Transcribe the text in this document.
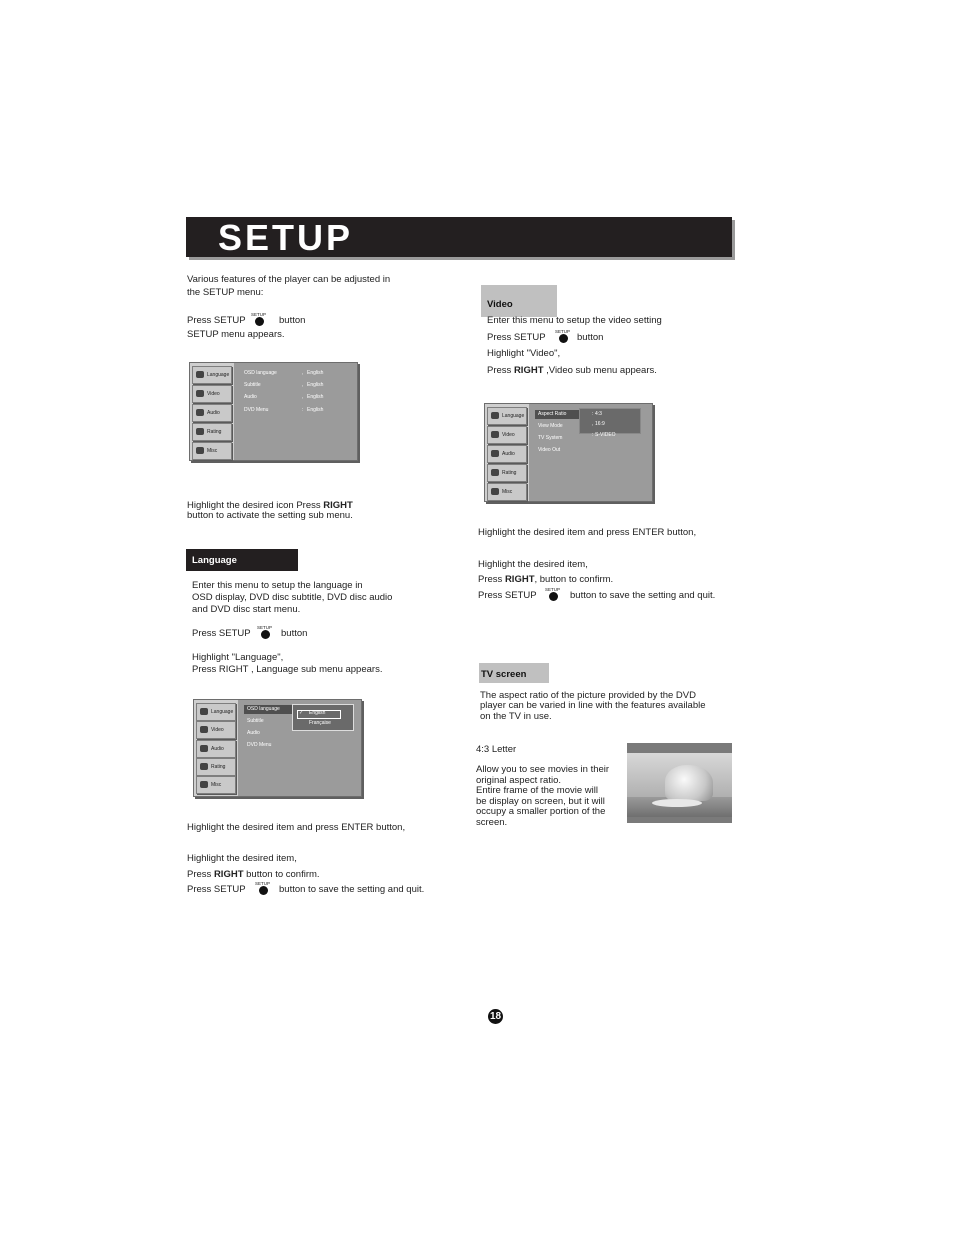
SETUP
Various features of the player can be adjusted in
the SETUP menu:
Press SETUP
SETUP
button
SETUP menu appears.
Language
Video
Audio
Rating
Misc
OSD language	, English
Subtitle	, English
Audio	, English
DVD Menu	: English
Highlight the desired icon Press RIGHT
button to activate the setting sub menu.
Language
Enter this menu to setup the language in
OSD display, DVD disc subtitle, DVD disc audio
and DVD disc start menu.
Press SETUP
SETUP
button
Highlight "Language",
Press RIGHT , Language sub menu appears.
Language
Video
Audio
Rating
Misc
OSD language
Subtitle
Audio
DVD Menu
✓ English
Française
Highlight the desired item and press ENTER button,
Highlight the desired item,
Press RIGHT button to confirm.
Press SETUP
SETUP
button to save the setting and quit.
Video
Enter this menu to setup the video setting
Press SETUP
SETUP
button
Highlight "Video",
Press RIGHT ,Video sub menu appears.
Language
Video
Audio
Rating
Misc
Aspect Ratio
View Mode
TV System
Video Out
: 4:3
, 16:9
: S-VIDEO
Highlight the desired item and press ENTER button,
Highlight the desired item,
Press RIGHT, button to confirm.
Press SETUP
SETUP
button to save the setting and quit.
TV screen
The aspect ratio of the picture provided by the DVD
player can be varied in line with the features available
on the TV in use.
4:3 Letter
Allow you to see movies in their
original aspect ratio.
Entire frame of the movie will
be display on screen, but it will
occupy a smaller portion of the
screen.
18
